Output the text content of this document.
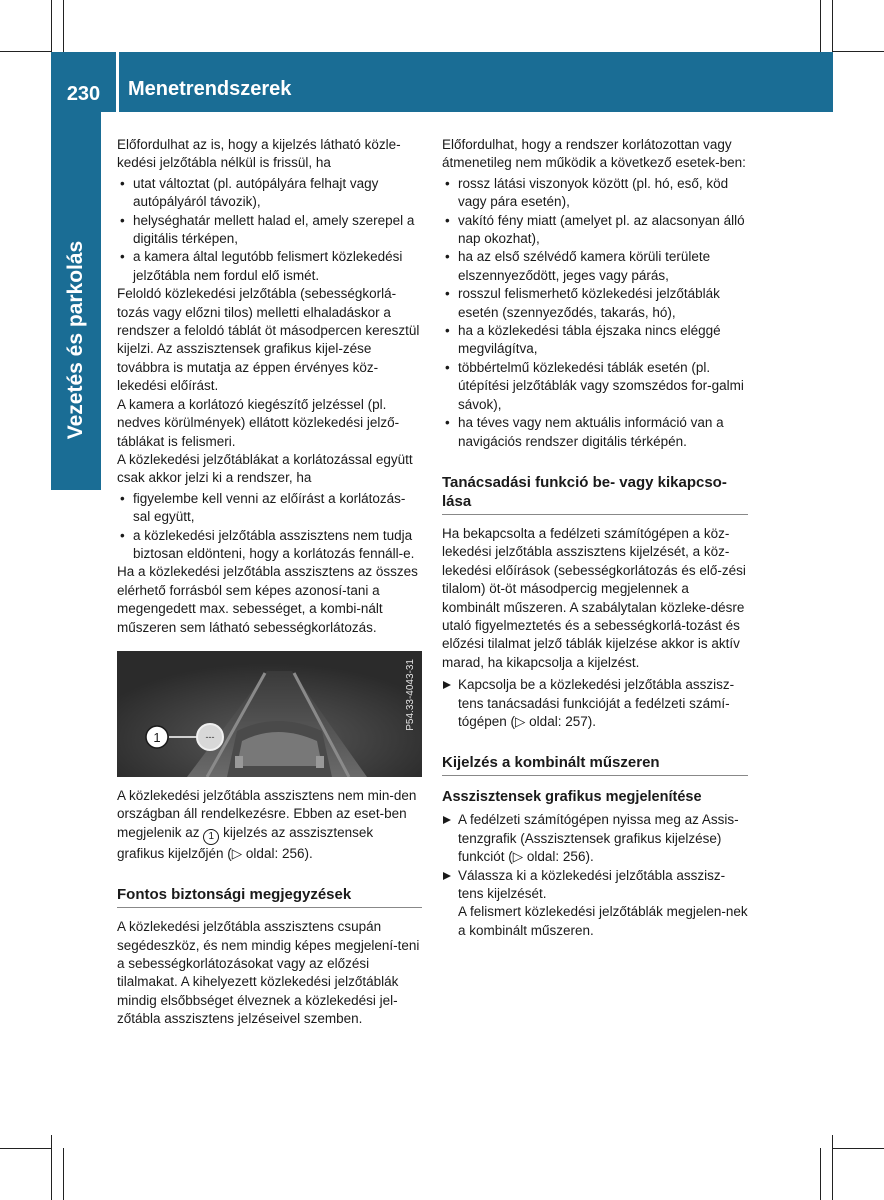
230 Menetrendszerek
Vezetés és parkolás

Előfordulhat az is, hogy a kijelzés látható közle-kedési jelzőtábla nélkül is frissül, ha

• utat változtat (pl. autópályára felhajt vagy autópályáról távozik),
• helységhatár mellett halad el, amely szerepel a digitális térképen,
• a kamera által legutóbb felismert közlekedési jelzőtábla nem fordul elő ismét.

Feloldó közlekedési jelzőtábla (sebességkorlá-tozás vagy előzni tilos) melletti elhaladáskor a rendszer a feloldó táblát öt másodpercen keresztül kijelzi. Az asszisztensek grafikus kijel-zése továbbra is mutatja az éppen érvényes köz-lekedési előírást.

A kamera a korlátozó kiegészítő jelzéssel (pl. nedves körülmények) ellátott közlekedési jelző-táblákat is felismeri.

A közlekedési jelzőtáblákat a korlátozással együtt csak akkor jelzi ki a rendszer, ha

• figyelembe kell venni az előírást a korlátozás-sal együtt,
• a közlekedési jelzőtábla asszisztens nem tudja biztosan eldönteni, hogy a korlátozás fennáll-e.

Ha a közlekedési jelzőtábla asszisztens az összes elérhető forrásból sem képes azonosí-tani a megengedett max. sebességet, a kombi-nált műszeren sem látható sebességkorlátozás.

1	---
P54.33-4043-31

A közlekedési jelzőtábla asszisztens nem min-den országban áll rendelkezésre. Ebben az eset-ben megjelenik az 1 kijelzés az asszisztensek grafikus kijelzőjén (▷ oldal: 256).

Fontos biztonsági megjegyzések

A közlekedési jelzőtábla asszisztens csupán segédeszköz, és nem mindig képes megjelení-teni a sebességkorlátozásokat vagy az előzési tilalmakat. A kihelyezett közlekedési jelzőtáblák mindig elsőbbséget élveznek a közlekedési jel-zőtábla asszisztens jelzéseivel szemben.

Előfordulhat, hogy a rendszer korlátozottan vagy átmenetileg nem működik a következő esetek-ben:

• rossz látási viszonyok között (pl. hó, eső, köd vagy pára esetén),
• vakító fény miatt (amelyet pl. az alacsonyan álló nap okozhat),
• ha az első szélvédő kamera körüli területe elszennyeződött, jeges vagy párás,
• rosszul felismerhető közlekedési jelzőtáblák esetén (szennyeződés, takarás, hó),
• ha a közlekedési tábla éjszaka nincs eléggé megvilágítva,
• többértelmű közlekedési táblák esetén (pl. útépítési jelzőtáblák vagy szomszédos for-galmi sávok),
• ha téves vagy nem aktuális információ van a navigációs rendszer digitális térképén.
Tanácsadási funkció be- vagy kikapcso-lása

Ha bekapcsolta a fedélzeti számítógépen a köz-lekedési jelzőtábla asszisztens kijelzését, a köz-lekedési előírások (sebességkorlátozás és elő-zési tilalom) öt-öt másodpercig megjelennek a kombinált műszeren. A szabálytalan közleke-désre utaló figyelmeztetés és a sebességkorlá-tozást és előzési tilalmat jelző táblák kijelzése akkor is aktív marad, ha kikapcsolja a kijelzést.

Kapcsolja be a közlekedési jelzőtábla asszisz-tens tanácsadási funkcióját a fedélzeti számí-tógépen (▷ oldal: 257).
Kijelzés a kombinált műszeren
Asszisztensek grafikus megjelenítése
A fedélzeti számítógépen nyissa meg az Assis-tenzgrafik (Asszisztensek grafikus kijelzése) funkciót (▷ oldal: 256).
Válassza ki a közlekedési jelzőtábla asszisz-tens kijelzését.

A felismert közlekedési jelzőtáblák megjelen-nek a kombinált műszeren.
